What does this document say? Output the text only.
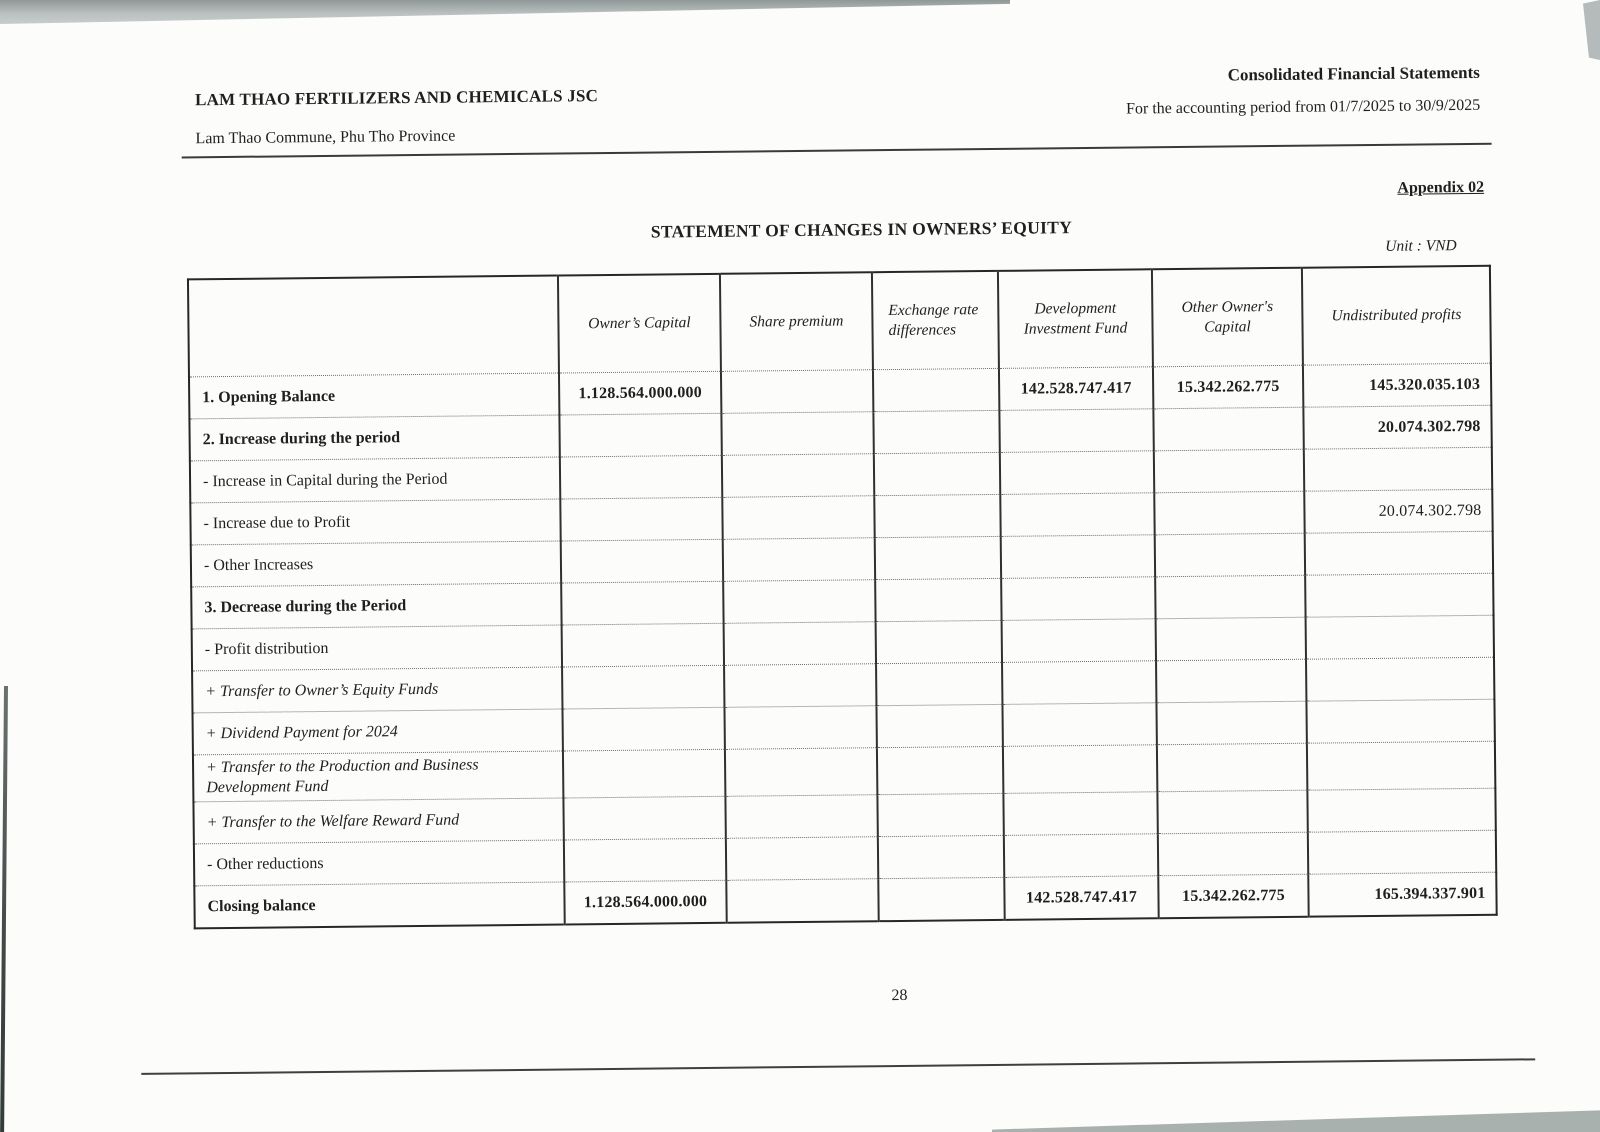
LAM THAO FERTILIZERS AND CHEMICALS JSC
Lam Thao Commune, Phu Tho Province
Consolidated Financial Statements
For the accounting period from 01/7/2025 to 30/9/2025
Appendix 02
STATEMENT OF CHANGES IN OWNERS’ EQUITY
Unit : VND
	Owner’s Capital	Share premium	Exchange rate differences	Development Investment Fund	Other Owner's Capital	Undistributed profits
1. Opening Balance	1.128.564.000.000			142.528.747.417	15.342.262.775	145.320.035.103
2. Increase during the period						20.074.302.798
- Increase in Capital during the Period						
- Increase due to Profit						20.074.302.798
- Other Increases						
3. Decrease during the Period						
- Profit distribution						
+ Transfer to Owner’s Equity Funds						
+ Dividend Payment for 2024						
+ Transfer to the Production and Business Development Fund						
+ Transfer to the Welfare Reward Fund						
- Other reductions						
Closing balance	1.128.564.000.000			142.528.747.417	15.342.262.775	165.394.337.901
28
